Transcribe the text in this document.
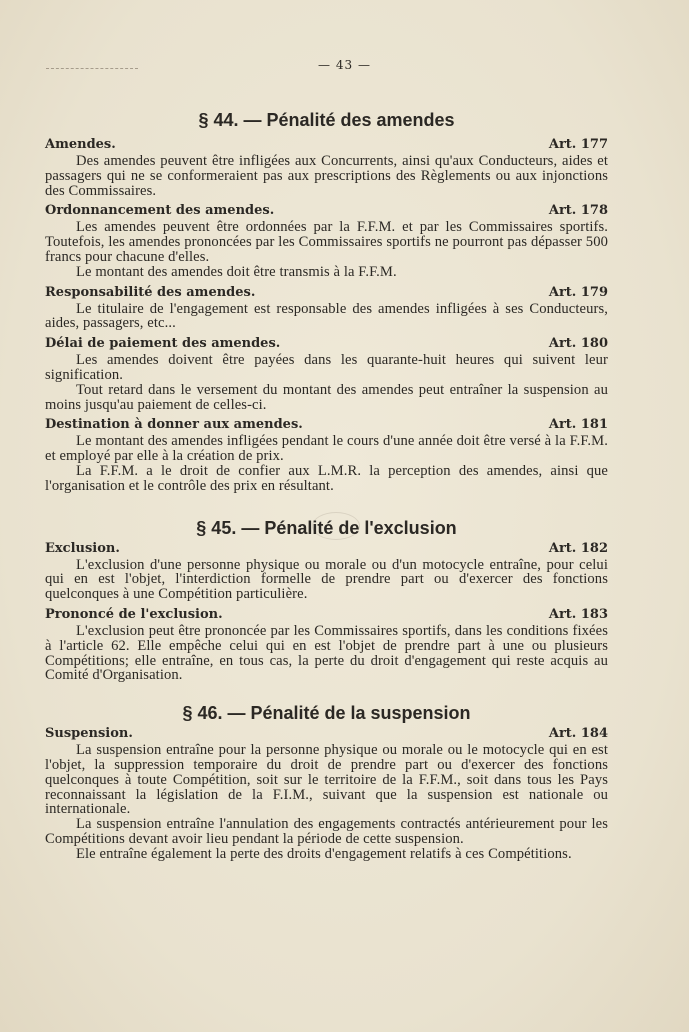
— 43 —
§ 44. — Pénalité des amendes
Amendes.	Art. 177

Des amendes peuvent être infligées aux Concurrents, ainsi qu'aux Conducteurs, aides et passagers qui ne se conformeraient pas aux prescriptions des Règlements ou aux injonctions des Commissaires.

Ordonnancement des amendes.	Art. 178

Les amendes peuvent être ordonnées par la F.F.M. et par les Commissaires sportifs. Toutefois, les amendes prononcées par les Commissaires sportifs ne pourront pas dépasser 500 francs pour chacune d'elles.

Le montant des amendes doit être transmis à la F.F.M.

Responsabilité des amendes.	Art. 179

Le titulaire de l'engagement est responsable des amendes infligées à ses Conducteurs, aides, passagers, etc...

Délai de paiement des amendes.	Art. 180

Les amendes doivent être payées dans les quarante-huit heures qui suivent leur signification.

Tout retard dans le versement du montant des amendes peut entraîner la suspension au moins jusqu'au paiement de celles-ci.

Destination à donner aux amendes.	Art. 181

Le montant des amendes infligées pendant le cours d'une année doit être versé à la F.F.M. et employé par elle à la création de prix.

La F.F.M. a le droit de confier aux L.M.R. la perception des amendes, ainsi que l'organisation et le contrôle des prix en résultant.

§ 45. — Pénalité de l'exclusion
Exclusion.	Art. 182

L'exclusion d'une personne physique ou morale ou d'un motocycle entraîne, pour celui qui en est l'objet, l'interdiction formelle de prendre part ou d'exercer des fonctions quelconques à une Compétition particulière.

Prononcé de l'exclusion.	Art. 183

L'exclusion peut être prononcée par les Commissaires sportifs, dans les conditions fixées à l'article 62. Elle empêche celui qui en est l'objet de prendre part à une ou plusieurs Compétitions; elle entraîne, en tous cas, la perte du droit d'engagement qui reste acquis au Comité d'Organisation.

§ 46. — Pénalité de la suspension
Suspension.	Art. 184

La suspension entraîne pour la personne physique ou morale ou le motocycle qui en est l'objet, la suppression temporaire du droit de prendre part ou d'exercer des fonctions quelconques à toute Compétition, soit sur le territoire de la F.F.M., soit dans tous les Pays reconnaissant la législation de la F.I.M., suivant que la suspension est nationale ou internationale.

La suspension entraîne l'annulation des engagements contractés antérieurement pour les Compétitions devant avoir lieu pendant la période de cette suspension.

Ele entraîne également la perte des droits d'engagement relatifs à ces Compétitions.
